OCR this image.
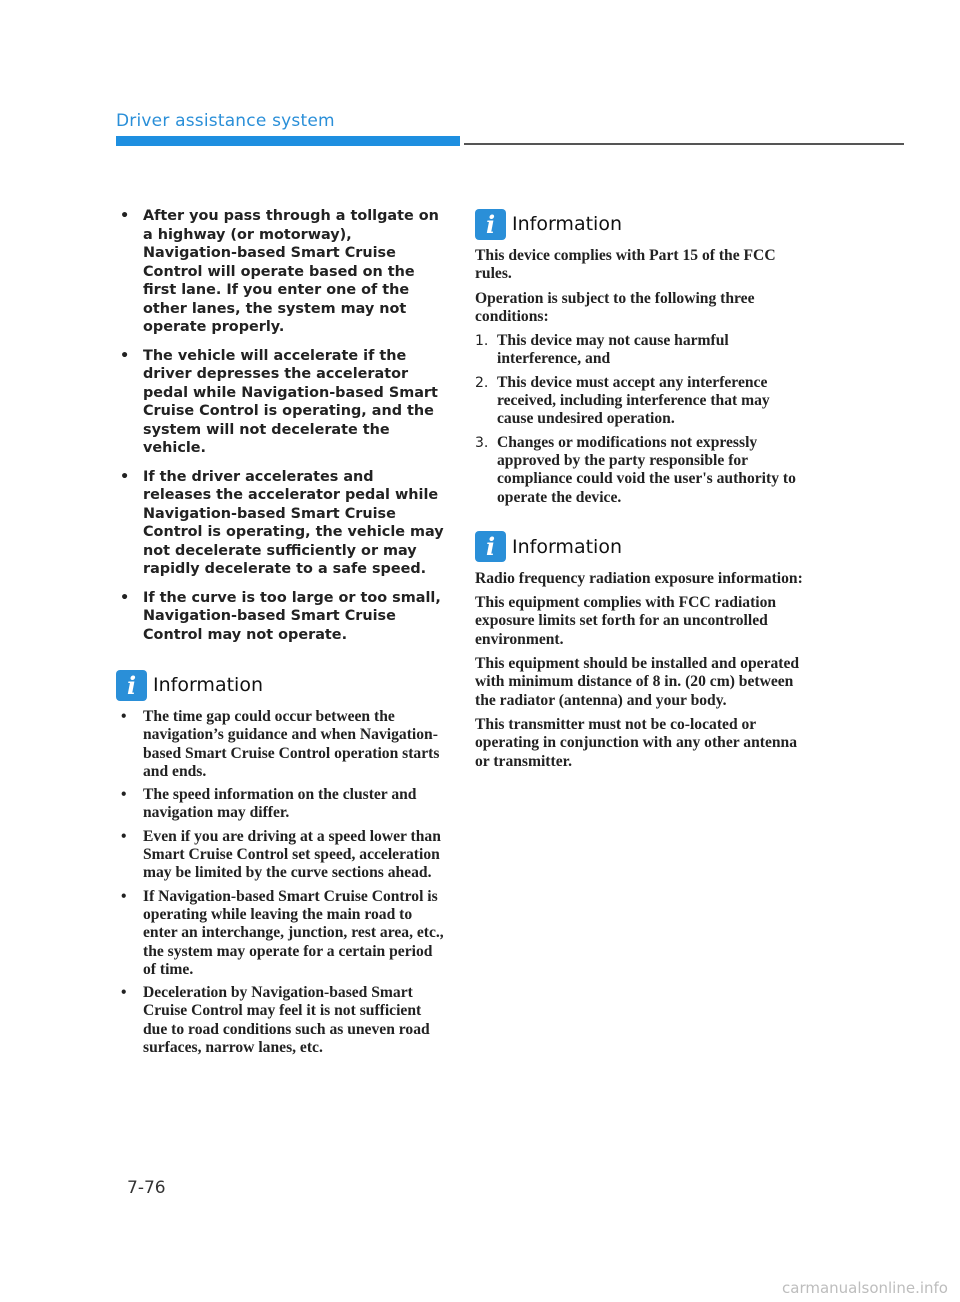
Driver assistance system
• After you pass through a tollgate on a highway (or motorway), Navigation-based Smart Cruise Control will operate based on the first lane. If you enter one of the other lanes, the system may not operate properly.
• The vehicle will accelerate if the driver depresses the accelerator pedal while Navigation-based Smart Cruise Control is operating, and the system will not decelerate the vehicle.
• If the driver accelerates and releases the accelerator pedal while Navigation-based Smart Cruise Control is operating, the vehicle may not decelerate sufficiently or may rapidly decelerate to a safe speed.
• If the curve is too large or too small, Navigation-based Smart Cruise Control may not operate.
i Information
• The time gap could occur between the navigation’s guidance and when Navigation-based Smart Cruise Control operation starts and ends.
• The speed information on the cluster and navigation may differ.
• Even if you are driving at a speed lower than Smart Cruise Control set speed, acceleration may be limited by the curve sections ahead.
• If Navigation-based Smart Cruise Control is operating while leaving the main road to enter an interchange, junction, rest area, etc., the system may operate for a certain period of time.
• Deceleration by Navigation-based Smart Cruise Control may feel it is not sufficient due to road conditions such as uneven road surfaces, narrow lanes, etc.
i Information

This device complies with Part 15 of the FCC rules.

Operation is subject to the following three conditions:

1. This device may not cause harmful interference, and
2. This device must accept any interference received, including interference that may cause undesired operation.
3. Changes or modifications not expressly approved by the party responsible for compliance could void the user's authority to operate the device.
i Information

Radio frequency radiation exposure information:

This equipment complies with FCC radiation exposure limits set forth for an uncontrolled environment.

This equipment should be installed and operated with minimum distance of 8 in. (20 cm) between the radiator (antenna) and your body.

This transmitter must not be co-located or operating in conjunction with any other antenna or transmitter.

7-76
carmanualsonline.info
